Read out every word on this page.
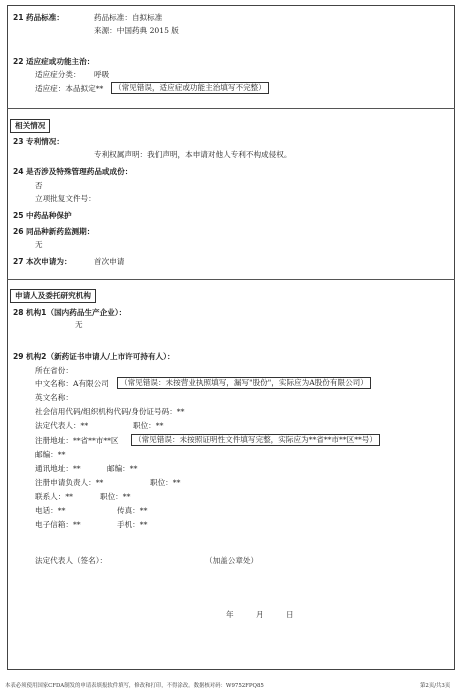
21 药品标准：	药品标准：自拟标准
来源：中国药典 2015 版
22 适应症或功能主治：
适应症分类： 呼吸
适应症：本品拟定**	（常见错误，适应症或功能主治填写不完整）
相关情况
23 专利情况：
专利权属声明：我们声明，本申请对他人专利不构成侵权。
24 是否涉及特殊管理药品或成份：
否
立项批复文件号：
25 中药品种保护
26 同品种新药监测期：
无
27 本次申请为：	首次申请
申请人及委托研究机构
28 机构1（国内药品生产企业）：
无
29 机构2（新药证书申请人/上市许可持有人）：
所在省份：
中文名称：A有限公司	（常见错误：未按营业执照填写，漏写"股份"，实际应为A股份有限公司）
英文名称：
社会信用代码/组织机构代码/身份证号码：**
法定代表人：**	职位：**
注册地址：**省**市**区	（常见错误：未按照证明性文件填写完整，实际应为**省**市**区**号）
邮编：**
通讯地址：**	邮编：**
注册申请负责人：**	职位：**
联系人：**	职位：**
电话：**	传真：**
电子信箱：**	手机：**
法定代表人（签名）：	（加盖公章处）
年	月	日
本表必须使用国家CFDA制发的申请表填报软件填写，修改和打印，不得涂改。数据核对码：W9752FPQ85	第2页/共3页
